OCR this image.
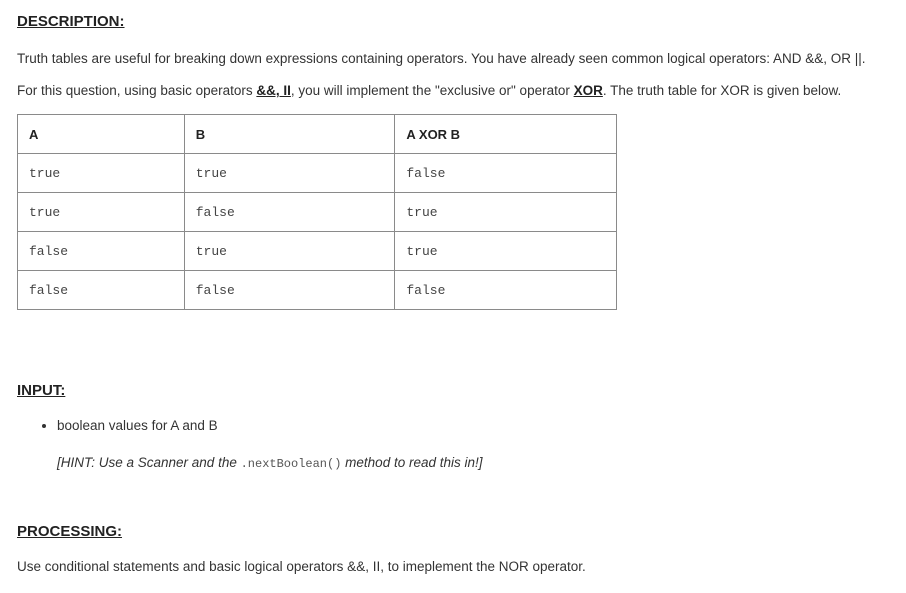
DESCRIPTION:

Truth tables are useful for breaking down expressions containing operators. You have already seen common logical operators: AND &&, OR ||.

For this question, using basic operators &&, II, you will implement the "exclusive or" operator XOR. The truth table for XOR is given below.

A	B	A XOR B
true	true	false
true	false	true
false	true	true
false	false	false
INPUT:
• boolean values for A and B

[HINT: Use a Scanner and the .nextBoolean() method to read this in!]

PROCESSING:

Use conditional statements and basic logical operators &&, II, to imeplement the NOR operator.
